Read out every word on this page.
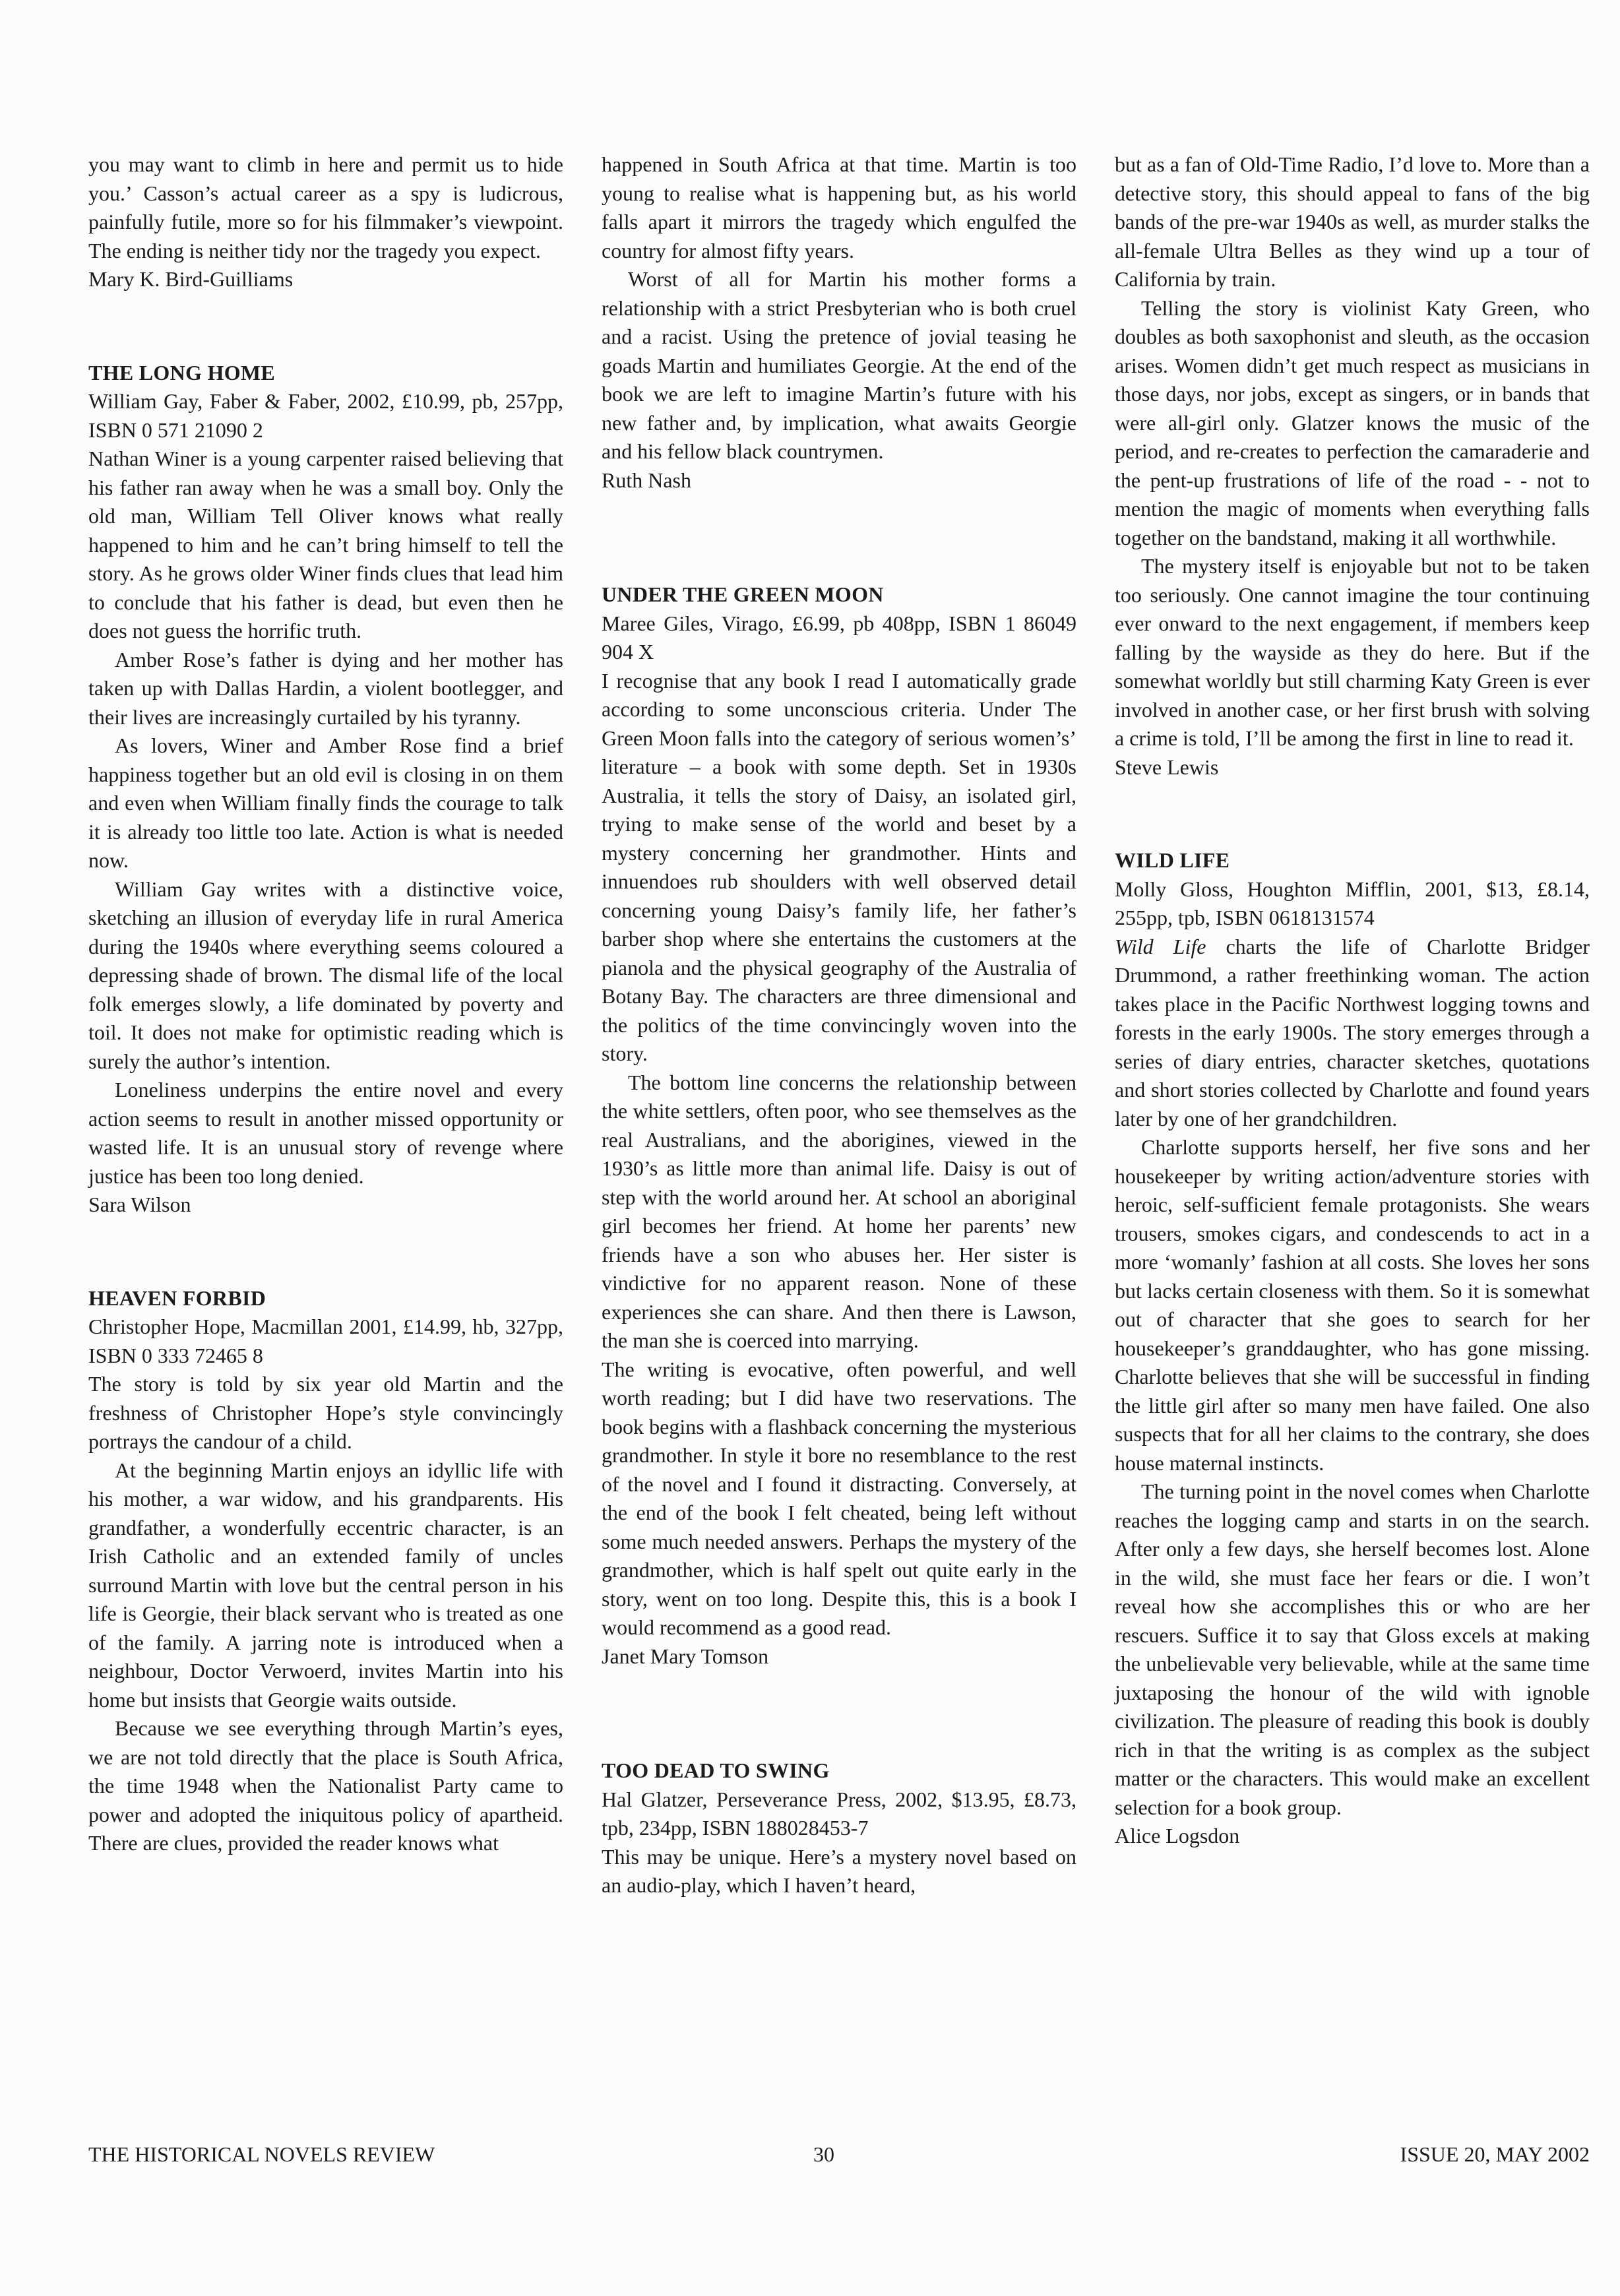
you may want to climb in here and permit us to hide you.’ Casson’s actual career as a spy is ludicrous, painfully futile, more so for his filmmaker’s viewpoint. The ending is neither tidy nor the tragedy you expect.

Mary K. Bird-Guilliams

THE LONG HOME

William Gay, Faber & Faber, 2002, £10.99, pb, 257pp, ISBN 0 571 21090 2

Nathan Winer is a young carpenter raised believing that his father ran away when he was a small boy. Only the old man, William Tell Oliver knows what really happened to him and he can’t bring himself to tell the story. As he grows older Winer finds clues that lead him to conclude that his father is dead, but even then he does not guess the horrific truth.

Amber Rose’s father is dying and her mother has taken up with Dallas Hardin, a violent bootlegger, and their lives are increasingly curtailed by his tyranny.

As lovers, Winer and Amber Rose find a brief happiness together but an old evil is closing in on them and even when William finally finds the courage to talk it is already too little too late. Action is what is needed now.

William Gay writes with a distinctive voice, sketching an illusion of everyday life in rural America during the 1940s where everything seems coloured a depressing shade of brown. The dismal life of the local folk emerges slowly, a life dominated by poverty and toil. It does not make for optimistic reading which is surely the author’s intention.

Loneliness underpins the entire novel and every action seems to result in another missed opportunity or wasted life. It is an unusual story of revenge where justice has been too long denied.

Sara Wilson

HEAVEN FORBID

Christopher Hope, Macmillan 2001, £14.99, hb, 327pp, ISBN 0 333 72465 8

The story is told by six year old Martin and the freshness of Christopher Hope’s style convincingly portrays the candour of a child.

At the beginning Martin enjoys an idyllic life with his mother, a war widow, and his grandparents. His grandfather, a wonderfully eccentric character, is an Irish Catholic and an extended family of uncles surround Martin with love but the central person in his life is Georgie, their black servant who is treated as one of the family. A jarring note is introduced when a neighbour, Doctor Verwoerd, invites Martin into his home but insists that Georgie waits outside.

Because we see everything through Martin’s eyes, we are not told directly that the place is South Africa, the time 1948 when the Nationalist Party came to power and adopted the iniquitous policy of apartheid. There are clues, provided the reader knows what

happened in South Africa at that time. Martin is too young to realise what is happening but, as his world falls apart it mirrors the tragedy which engulfed the country for almost fifty years.

Worst of all for Martin his mother forms a relationship with a strict Presbyterian who is both cruel and a racist. Using the pretence of jovial teasing he goads Martin and humiliates Georgie. At the end of the book we are left to imagine Martin’s future with his new father and, by implication, what awaits Georgie and his fellow black countrymen.

Ruth Nash

UNDER THE GREEN MOON

Maree Giles, Virago, £6.99, pb 408pp, ISBN 1 86049 904 X

I recognise that any book I read I automatically grade according to some unconscious criteria. Under The Green Moon falls into the category of serious women’s’ literature – a book with some depth. Set in 1930s Australia, it tells the story of Daisy, an isolated girl, trying to make sense of the world and beset by a mystery concerning her grandmother. Hints and innuendoes rub shoulders with well observed detail concerning young Daisy’s family life, her father’s barber shop where she entertains the customers at the pianola and the physical geography of the Australia of Botany Bay. The characters are three dimensional and the politics of the time convincingly woven into the story.

The bottom line concerns the relationship between the white settlers, often poor, who see themselves as the real Australians, and the aborigines, viewed in the 1930’s as little more than animal life. Daisy is out of step with the world around her. At school an aboriginal girl becomes her friend. At home her parents’ new friends have a son who abuses her. Her sister is vindictive for no apparent reason. None of these experiences she can share. And then there is Lawson, the man she is coerced into marrying.

The writing is evocative, often powerful, and well worth reading; but I did have two reservations. The book begins with a flashback concerning the mysterious grandmother. In style it bore no resemblance to the rest of the novel and I found it distracting. Conversely, at the end of the book I felt cheated, being left without some much needed answers. Perhaps the mystery of the grandmother, which is half spelt out quite early in the story, went on too long. Despite this, this is a book I would recommend as a good read.

Janet Mary Tomson

TOO DEAD TO SWING

Hal Glatzer, Perseverance Press, 2002, $13.95, £8.73, tpb, 234pp, ISBN 188028453-7

This may be unique. Here’s a mystery novel based on an audio-play, which I haven’t heard,

but as a fan of Old-Time Radio, I’d love to. More than a detective story, this should appeal to fans of the big bands of the pre-war 1940s as well, as murder stalks the all-female Ultra Belles as they wind up a tour of California by train.

Telling the story is violinist Katy Green, who doubles as both saxophonist and sleuth, as the occasion arises. Women didn’t get much respect as musicians in those days, nor jobs, except as singers, or in bands that were all-girl only. Glatzer knows the music of the period, and re-creates to perfection the camaraderie and the pent-up frustrations of life of the road - - not to mention the magic of moments when everything falls together on the bandstand, making it all worthwhile.

The mystery itself is enjoyable but not to be taken too seriously. One cannot imagine the tour continuing ever onward to the next engagement, if members keep falling by the wayside as they do here. But if the somewhat worldly but still charming Katy Green is ever involved in another case, or her first brush with solving a crime is told, I’ll be among the first in line to read it.

Steve Lewis

WILD LIFE

Molly Gloss, Houghton Mifflin, 2001, $13, £8.14, 255pp, tpb, ISBN 0618131574

Wild Life charts the life of Charlotte Bridger Drummond, a rather freethinking woman. The action takes place in the Pacific Northwest logging towns and forests in the early 1900s. The story emerges through a series of diary entries, character sketches, quotations and short stories collected by Charlotte and found years later by one of her grandchildren.

Charlotte supports herself, her five sons and her housekeeper by writing action/adventure stories with heroic, self-sufficient female protagonists. She wears trousers, smokes cigars, and condescends to act in a more ‘womanly’ fashion at all costs. She loves her sons but lacks certain closeness with them. So it is somewhat out of character that she goes to search for her housekeeper’s granddaughter, who has gone missing. Charlotte believes that she will be successful in finding the little girl after so many men have failed. One also suspects that for all her claims to the contrary, she does house maternal instincts.

The turning point in the novel comes when Charlotte reaches the logging camp and starts in on the search. After only a few days, she herself becomes lost. Alone in the wild, she must face her fears or die. I won’t reveal how she accomplishes this or who are her rescuers. Suffice it to say that Gloss excels at making the unbelievable very believable, while at the same time juxtaposing the honour of the wild with ignoble civilization. The pleasure of reading this book is doubly rich in that the writing is as complex as the subject matter or the characters. This would make an excellent selection for a book group.

Alice Logsdon

THE HISTORICAL NOVELS REVIEW	30	ISSUE 20, MAY 2002
